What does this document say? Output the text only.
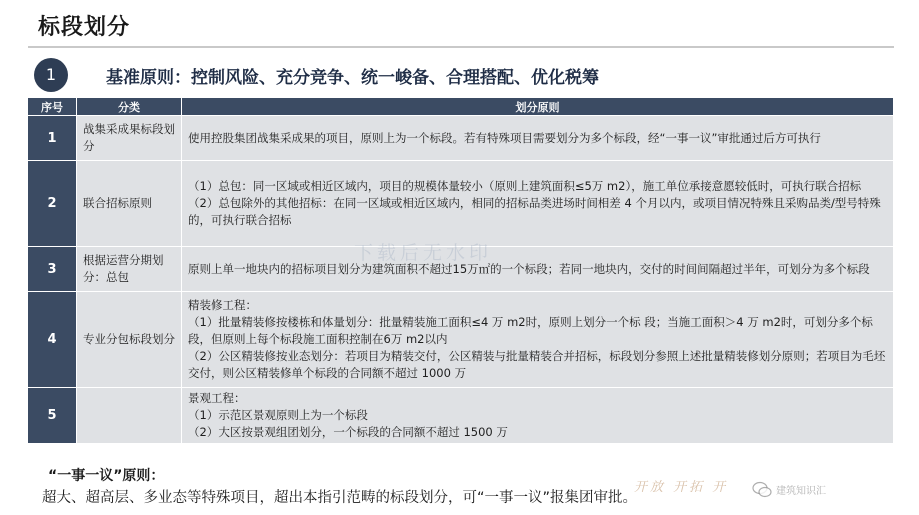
标段划分
1	基准原则：控制风险、充分竞争、统一峻备、合理搭配、优化税筹
序号	分类	划分原则
1	战集采成果标段划分	使用控股集团战集采成果的项目，原则上为一个标段。若有特殊项目需要划分为多个标段，经“一事一议”审批通过后方可执行

2	联合招标原则	（1）总包：同一区域或相近区域内，项目的规模体量较小（原则上建筑面积≤5万 m2），施工单位承接意愿较低时，可执行联合招标

（2）总包除外的其他招标：在同一区域或相近区域内，相同的招标品类进场时间相差 4 个月以内，或项目情况特殊且采购品类/型号特殊的，可执行联合招标

3	根据运营分期划分：总包	原则上单一地块内的招标项目划分为建筑面积不超过15万㎡的一个标段；若同一地块内，交付的时间间隔超过半年，可划分为多个标段

4	专业分包标段划分	精装修工程：

（1）批量精装修按楼栋和体量划分：批量精装施工面积≤4 万 m2时，原则上划分一个标 段；当施工面积＞4 万 m2时，可划分多个标段，但原则上每个标段施工面积控制在6万 m2以内

（2）公区精装修按业态划分：若项目为精装交付，公区精装与批量精装合并招标，标段划分参照上述批量精装修划分原则；若项目为毛坯交付，则公区精装修单个标段的合同额不超过 1000 万

5		景观工程：

（1）示范区景观原则上为一个标段

（2）大区按景观组团划分，一个标段的合同额不超过 1500 万

“一事一议”原则：
超大、超高层、多业态等特殊项目，超出本指引范畴的标段划分，可“一事一议”报集团审批。
下载后无水印
开放 开拓 开	建筑知识汇
